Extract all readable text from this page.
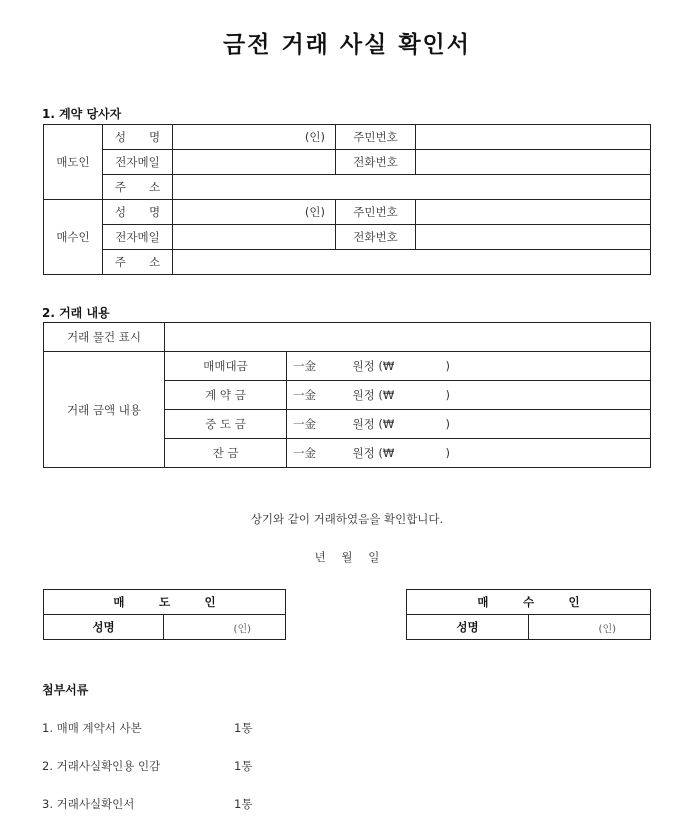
금전 거래 사실 확인서
1. 계약 당사자
매도인	성　　명	(인)	주민번호	
	전자메일		전화번호	
	주　　소			
매수인	성　　명	(인)	주민번호	
	전자메일		전화번호	
	주　　소			
2. 거래 내용
거래 물건 표시		
거래 금액 내용	매매대금	一金          원정 (₩              )
	계 약 금	一金          원정 (₩              )
	중 도 금	一金          원정 (₩              )
	잔 금	一金          원정 (₩              )
상기와 같이 거래하였음을 확인합니다.
년 월 일
매　　　도　　　인
성명	(인)
매　　　수　　　인
성명	(인)
첨부서류
1. 매매 계약서 사본	1통
2. 거래사실확인용 인감	1통
3. 거래사실확인서	1통
